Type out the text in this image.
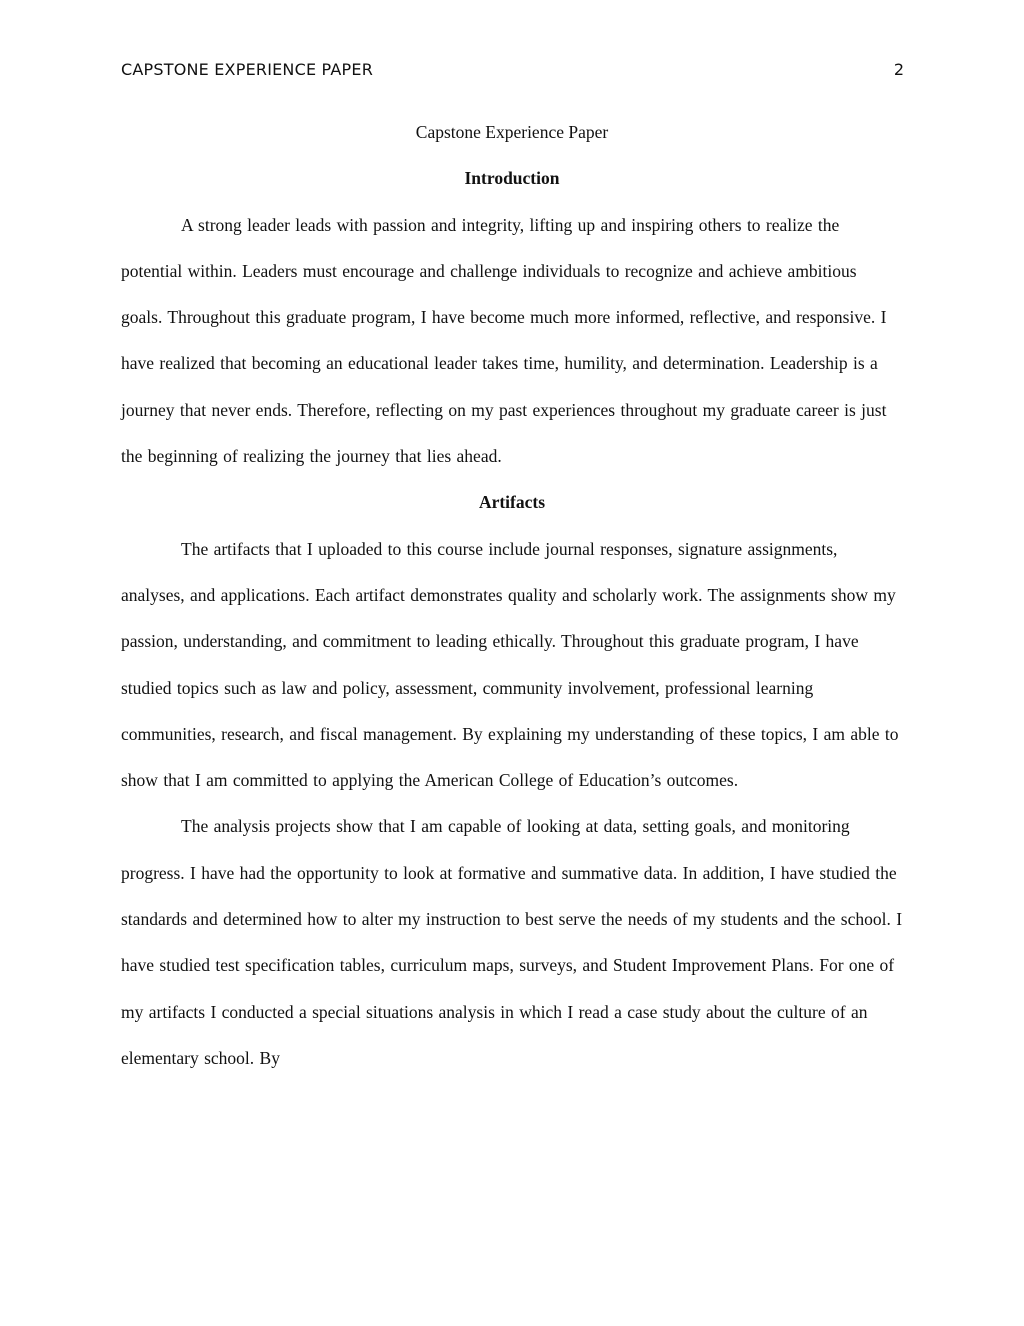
CAPSTONE EXPERIENCE PAPER	2

Capstone Experience Paper

Introduction

A strong leader leads with passion and integrity, lifting up and inspiring others to realize the potential within. Leaders must encourage and challenge individuals to recognize and achieve ambitious goals. Throughout this graduate program, I have become much more informed, reflective, and responsive. I have realized that becoming an educational leader takes time, humility, and determination. Leadership is a journey that never ends. Therefore, reflecting on my past experiences throughout my graduate career is just the beginning of realizing the journey that lies ahead.

Artifacts

The artifacts that I uploaded to this course include journal responses, signature assignments, analyses, and applications. Each artifact demonstrates quality and scholarly work. The assignments show my passion, understanding, and commitment to leading ethically. Throughout this graduate program, I have studied topics such as law and policy, assessment, community involvement, professional learning communities, research, and fiscal management. By explaining my understanding of these topics, I am able to show that I am committed to applying the American College of Education’s outcomes.

The analysis projects show that I am capable of looking at data, setting goals, and monitoring progress. I have had the opportunity to look at formative and summative data. In addition, I have studied the standards and determined how to alter my instruction to best serve the needs of my students and the school. I have studied test specification tables, curriculum maps, surveys, and Student Improvement Plans. For one of my artifacts I conducted a special situations analysis in which I read a case study about the culture of an elementary school. By
